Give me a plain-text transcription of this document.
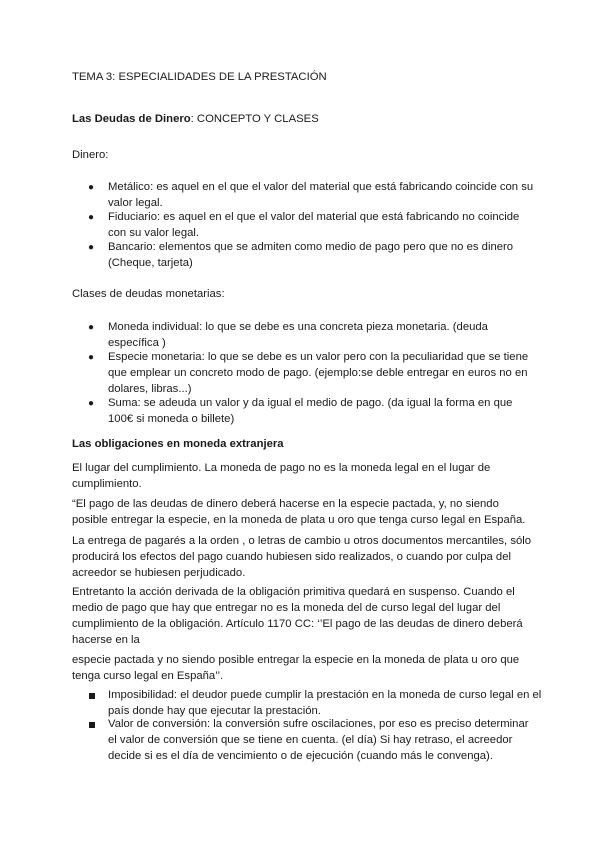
TEMA 3: ESPECIALIDADES DE LA PRESTACIÓN
Las Deudas de Dinero: CONCEPTO Y CLASES
Dinero:
● Metálico: es aquel en el que el valor del material que está fabricando coincide con su
valor legal.
● Fiduciario: es aquel en el que el valor del material que está fabricando no coincide
con su valor legal.
● Bancario: elementos que se admiten como medio de pago pero que no es dinero
(Cheque, tarjeta)
Clases de deudas monetarias:
● Moneda individual: lo que se debe es una concreta pieza monetaria. (deuda
específica )
● Especie monetaria: lo que se debe es un valor pero con la peculiaridad que se tiene
que emplear un concreto modo de pago. (ejemplo:se deble entregar en euros no en
dolares, libras...)
● Suma: se adeuda un valor y da igual el medio de pago. (da igual la forma en que
100€ si moneda o billete)
Las obligaciones en moneda extranjera
El lugar del cumplimiento. La moneda de pago no es la moneda legal en el lugar de
cumplimiento.
“El pago de las deudas de dinero deberá hacerse en la especie pactada, y, no siendo
posible entregar la especie, en la moneda de plata u oro que tenga curso legal en España.
La entrega de pagarés a la orden , o letras de cambio u otros documentos mercantiles, sólo
producirá los efectos del pago cuando hubiesen sido realizados, o cuando por culpa del
acreedor se hubiesen perjudicado.
Entretanto la acción derivada de la obligación primitiva quedará en suspenso. Cuando el
medio de pago que hay que entregar no es la moneda del de curso legal del lugar del
cumplimiento de la obligación. Artículo 1170 CC: ‘’El pago de las deudas de dinero deberá
hacerse en la
especie pactada y no siendo posible entregar la especie en la moneda de plata u oro que
tenga curso legal en España’’.
Imposibilidad: el deudor puede cumplir la prestación en la moneda de curso legal en el
país donde hay que ejecutar la prestación.
Valor de conversión: la conversión sufre oscilaciones, por eso es preciso determinar
el valor de conversión que se tiene en cuenta. (el día) Si hay retraso, el acreedor
decide si es el día de vencimiento o de ejecución (cuando más le convenga).
